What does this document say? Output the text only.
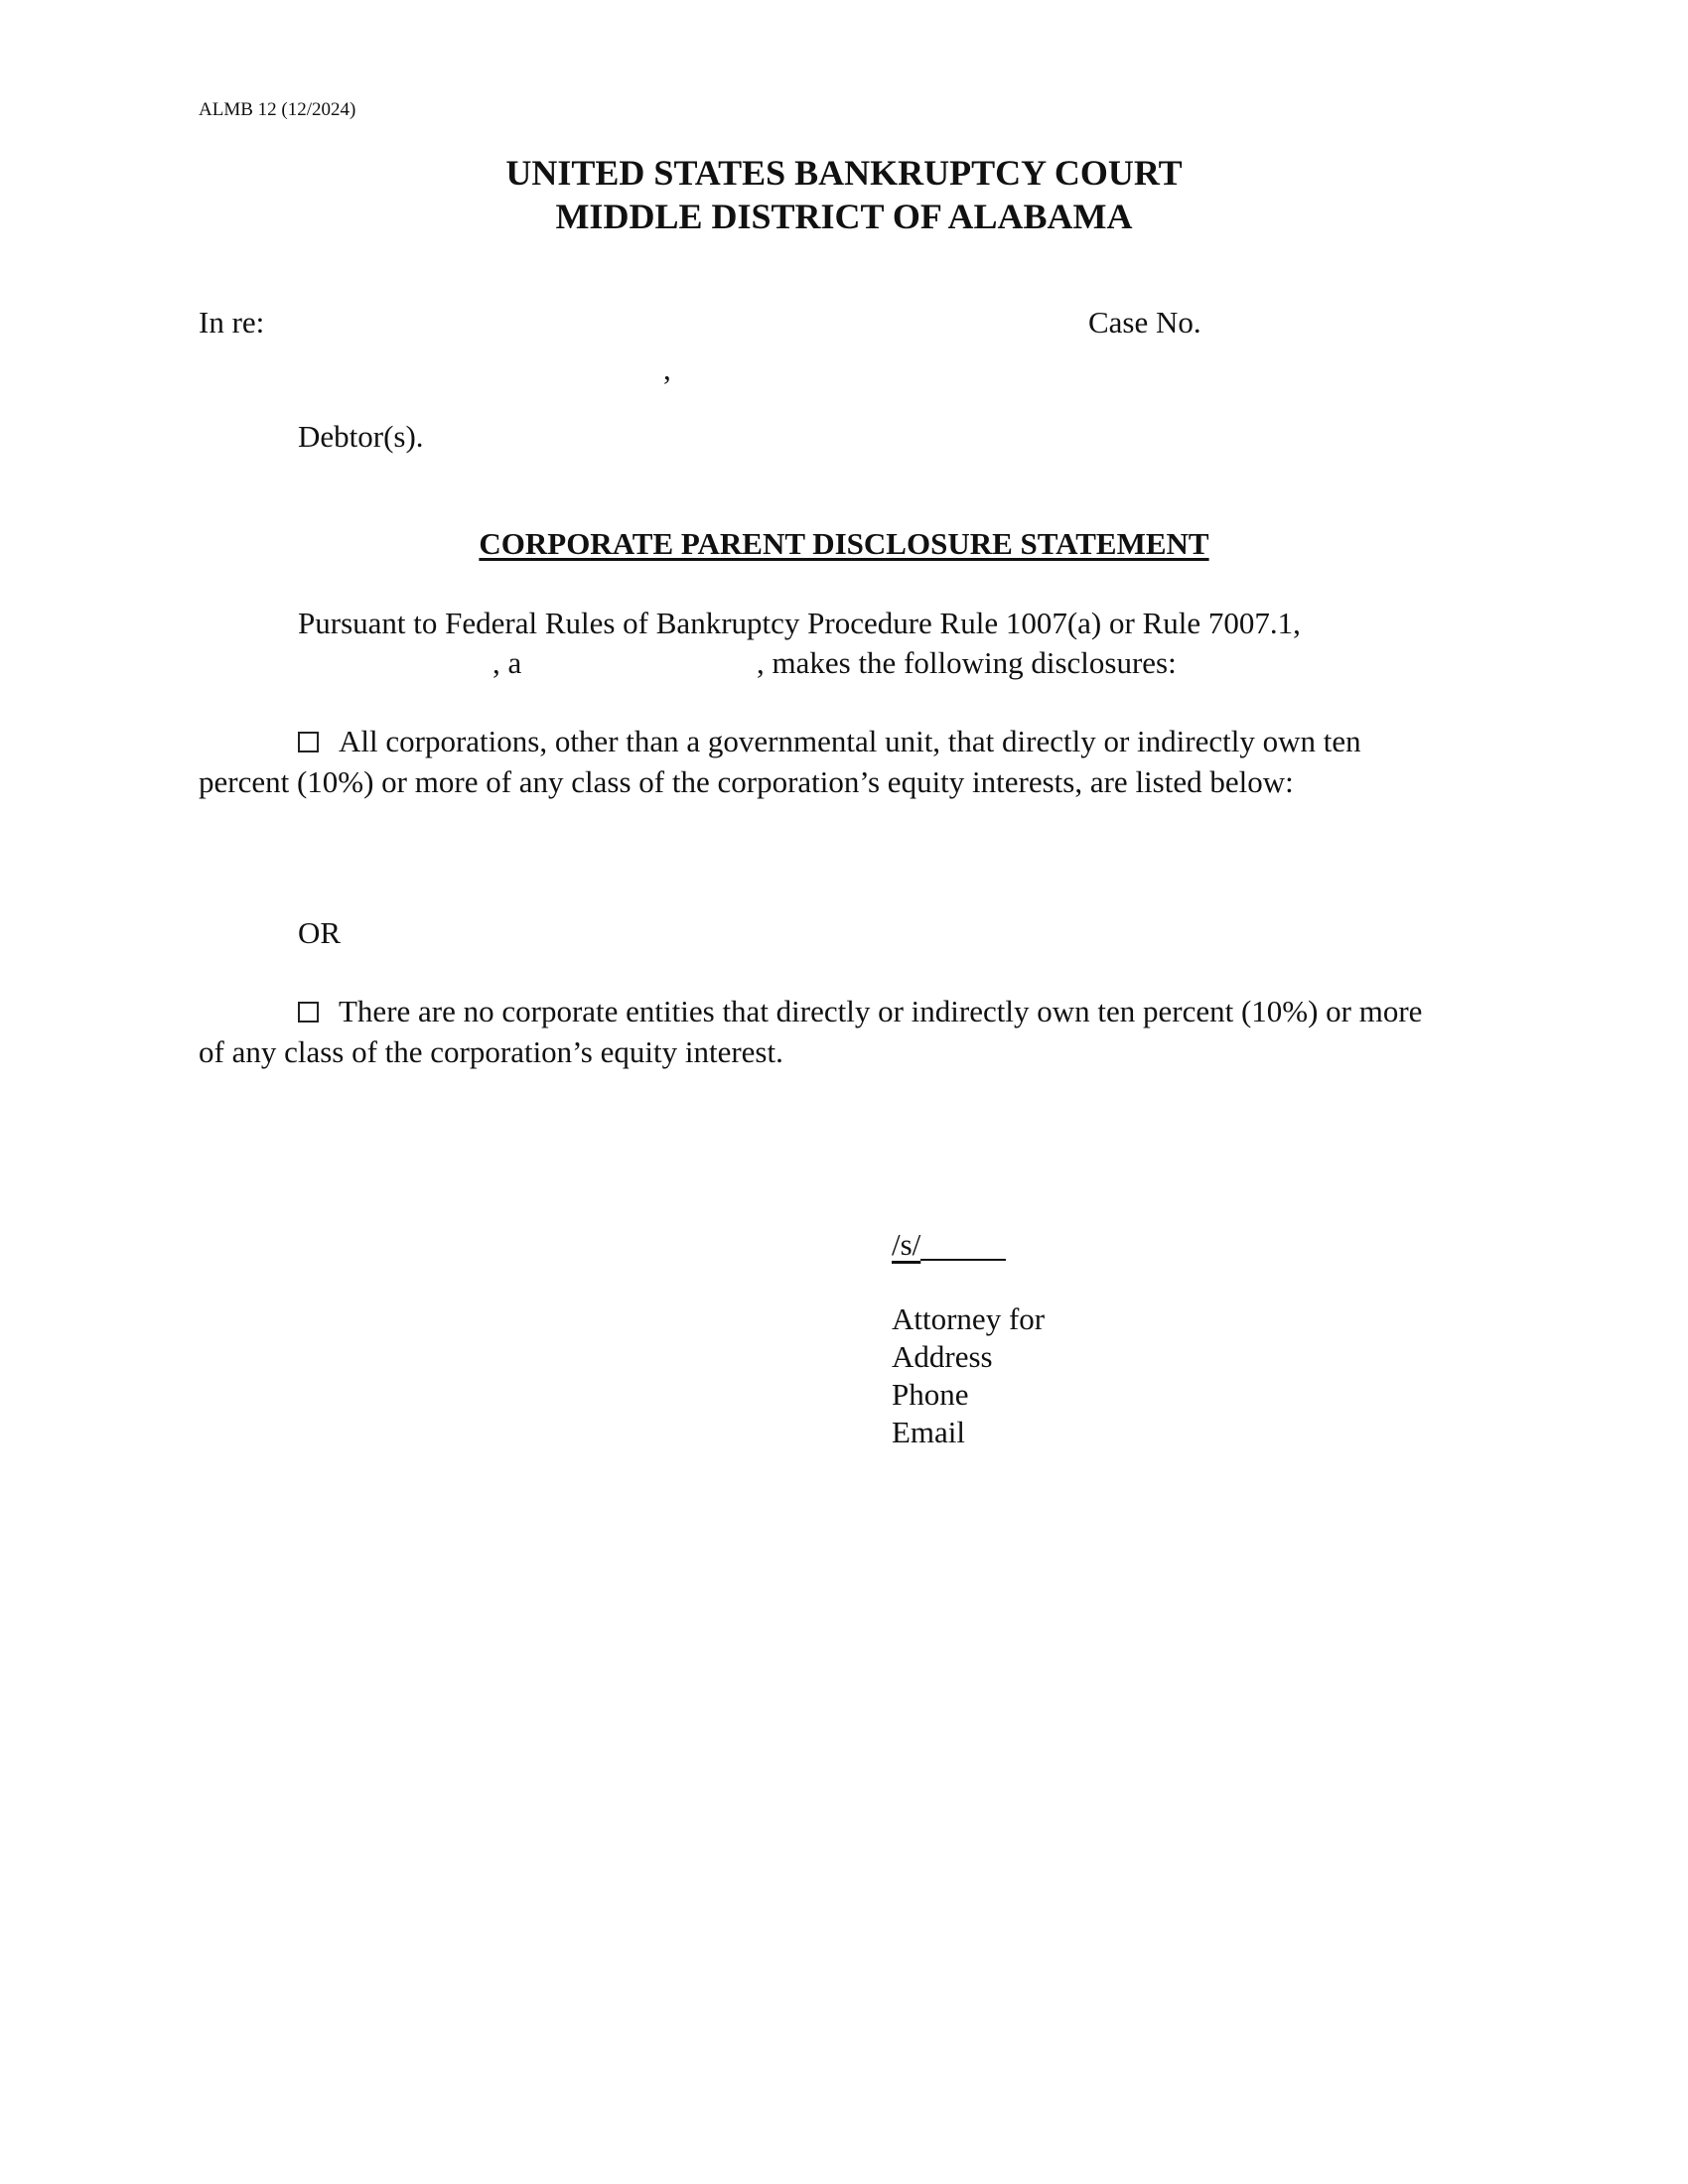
ALMB 12 (12/2024)
UNITED STATES BANKRUPTCY COURT
MIDDLE DISTRICT OF ALABAMA
In re:	Case No.
,
Debtor(s).
CORPORATE PARENT DISCLOSURE STATEMENT
Pursuant to Federal Rules of Bankruptcy Procedure Rule 1007(a) or Rule 7007.1,
, a	, makes the following disclosures:
All corporations, other than a governmental unit, that directly or indirectly own ten percent (10%) or more of any class of the corporation’s equity interests, are listed below:
OR
There are no corporate entities that directly or indirectly own ten percent (10%) or more of any class of the corporation’s equity interest.
/s/
Attorney for
Address
Phone
Email
